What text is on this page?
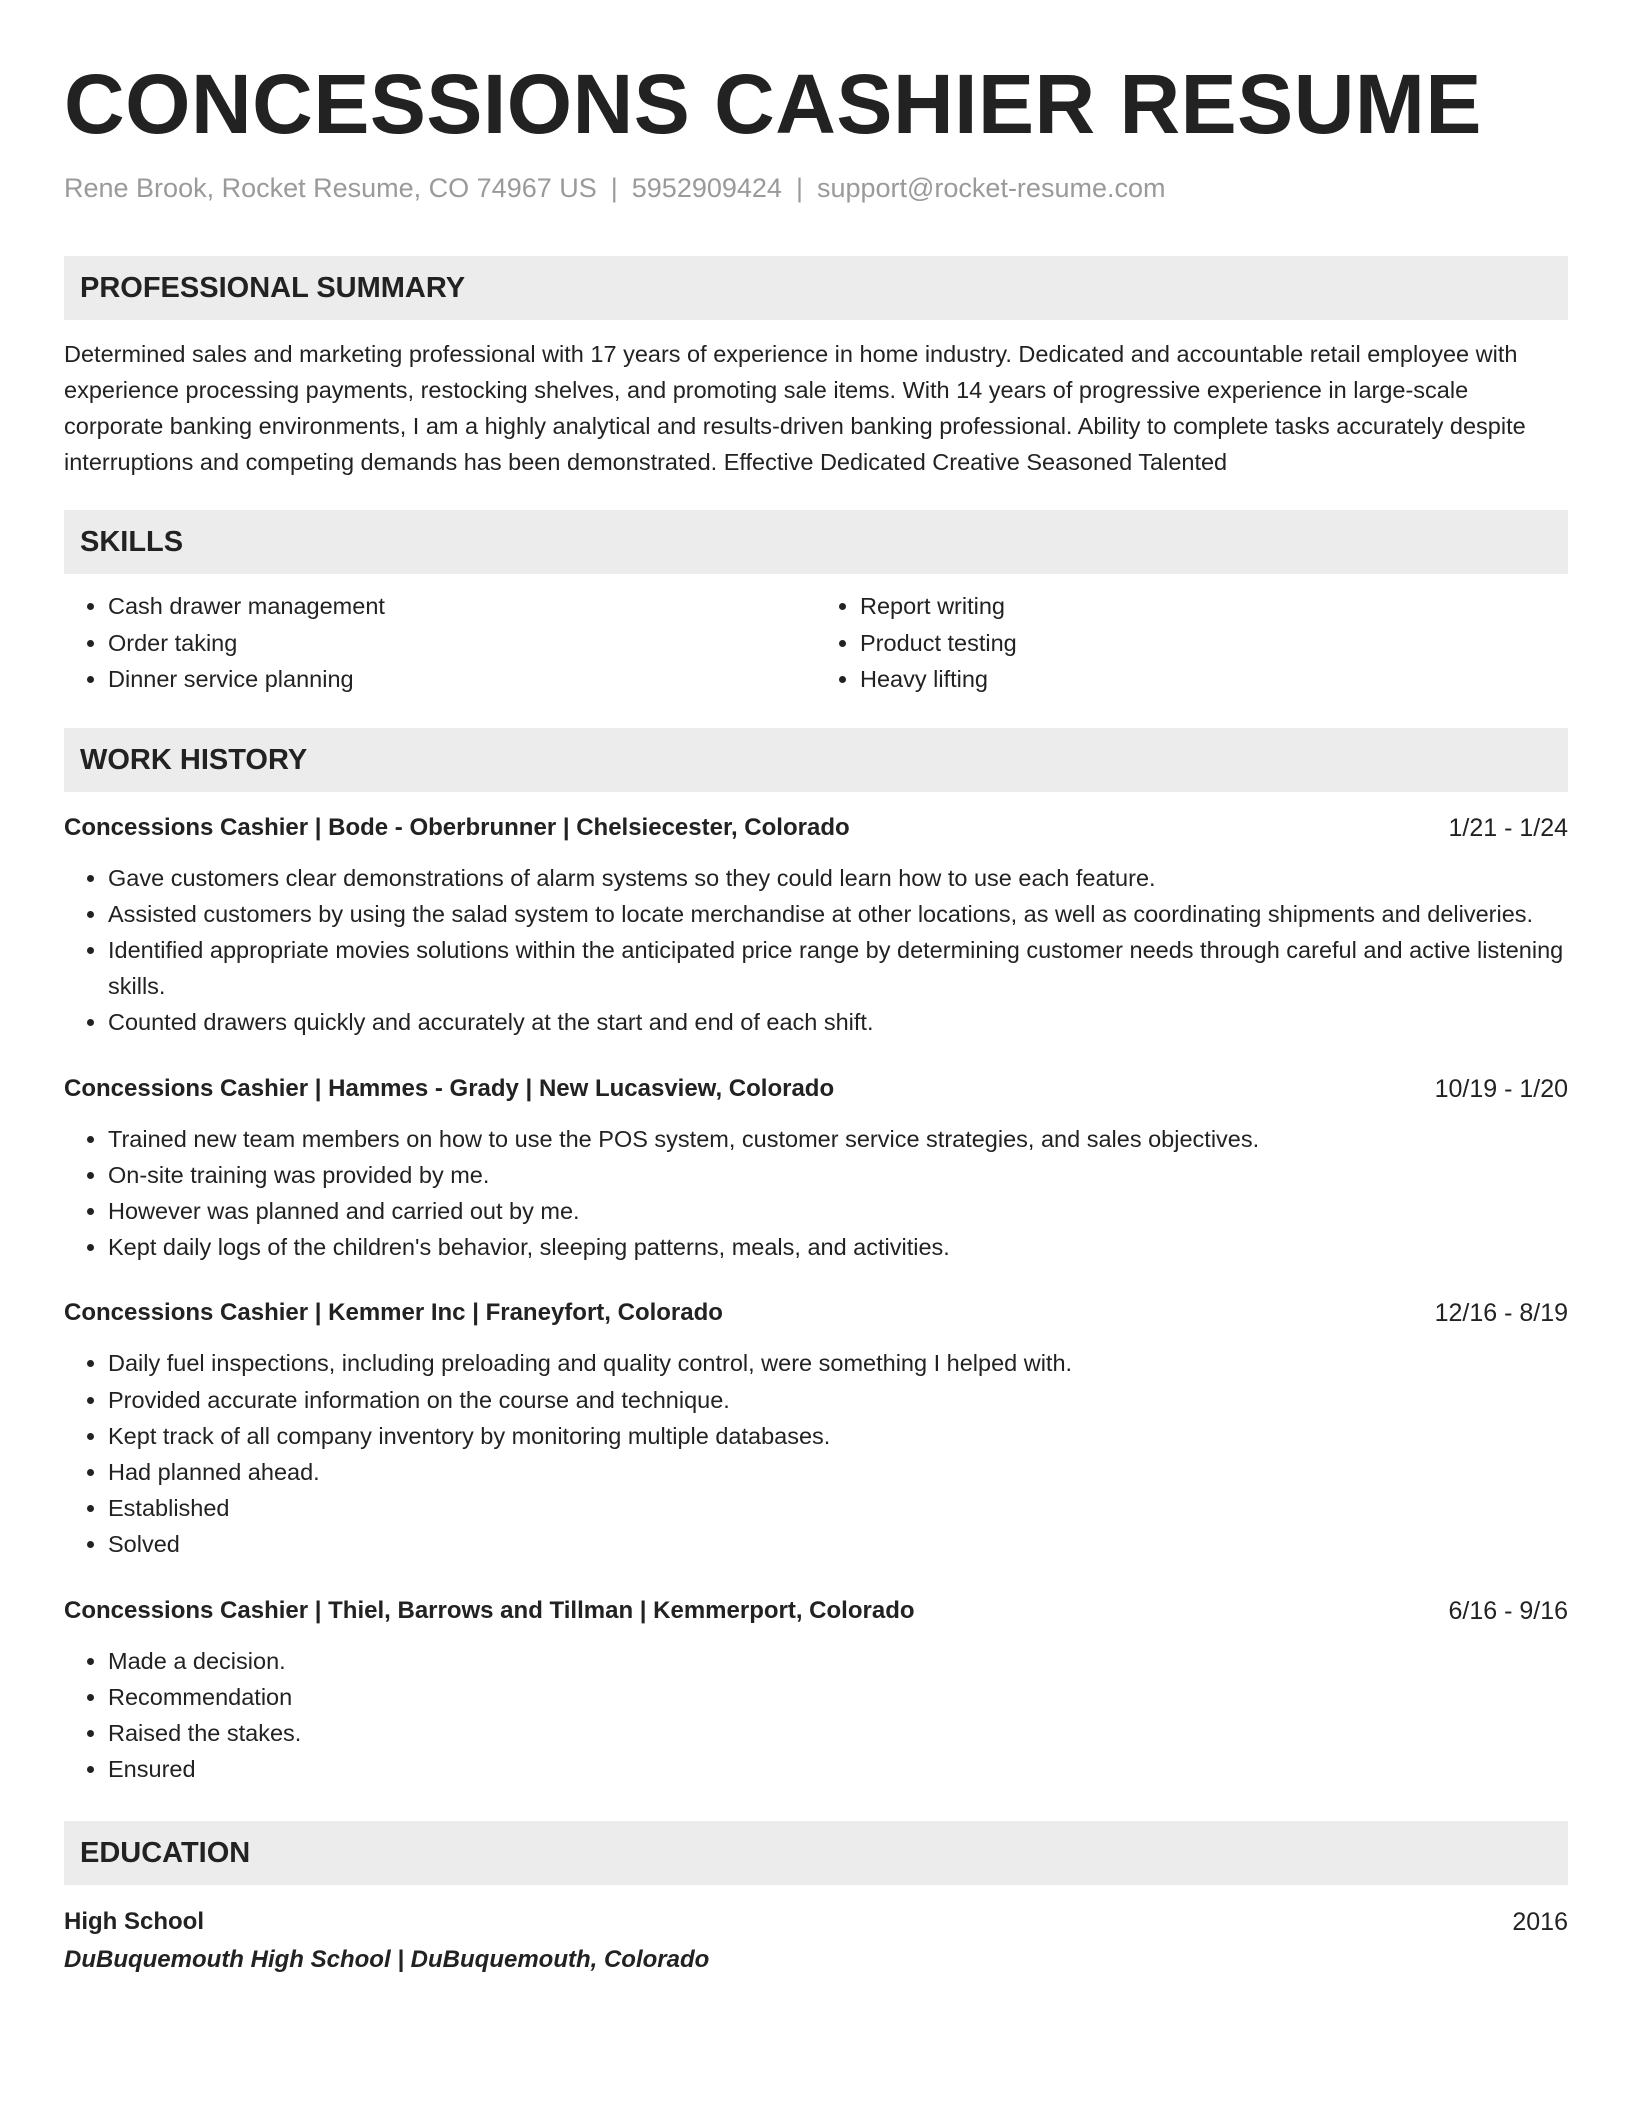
CONCESSIONS CASHIER RESUME
Rene Brook, Rocket Resume, CO 74967 US | 5952909424 | support@rocket-resume.com
PROFESSIONAL SUMMARY
Determined sales and marketing professional with 17 years of experience in home industry. Dedicated and accountable retail employee with experience processing payments, restocking shelves, and promoting sale items. With 14 years of progressive experience in large-scale corporate banking environments, I am a highly analytical and results-driven banking professional. Ability to complete tasks accurately despite interruptions and competing demands has been demonstrated. Effective Dedicated Creative Seasoned Talented
SKILLS
• Cash drawer management
• Order taking
• Dinner service planning
• Report writing
• Product testing
• Heavy lifting
WORK HISTORY
Concessions Cashier | Bode - Oberbrunner | Chelsiecester, Colorado	1/21 - 1/24
• Gave customers clear demonstrations of alarm systems so they could learn how to use each feature.
• Assisted customers by using the salad system to locate merchandise at other locations, as well as coordinating shipments and deliveries.
• Identified appropriate movies solutions within the anticipated price range by determining customer needs through careful and active listening skills.
• Counted drawers quickly and accurately at the start and end of each shift.
Concessions Cashier | Hammes - Grady | New Lucasview, Colorado	10/19 - 1/20
• Trained new team members on how to use the POS system, customer service strategies, and sales objectives.
• On-site training was provided by me.
• However was planned and carried out by me.
• Kept daily logs of the children's behavior, sleeping patterns, meals, and activities.
Concessions Cashier | Kemmer Inc | Franeyfort, Colorado	12/16 - 8/19
• Daily fuel inspections, including preloading and quality control, were something I helped with.
• Provided accurate information on the course and technique.
• Kept track of all company inventory by monitoring multiple databases.
• Had planned ahead.
• Established
• Solved
Concessions Cashier | Thiel, Barrows and Tillman | Kemmerport, Colorado	6/16 - 9/16
• Made a decision.
• Recommendation
• Raised the stakes.
• Ensured
EDUCATION
High School	2016
DuBuquemouth High School | DuBuquemouth, Colorado
